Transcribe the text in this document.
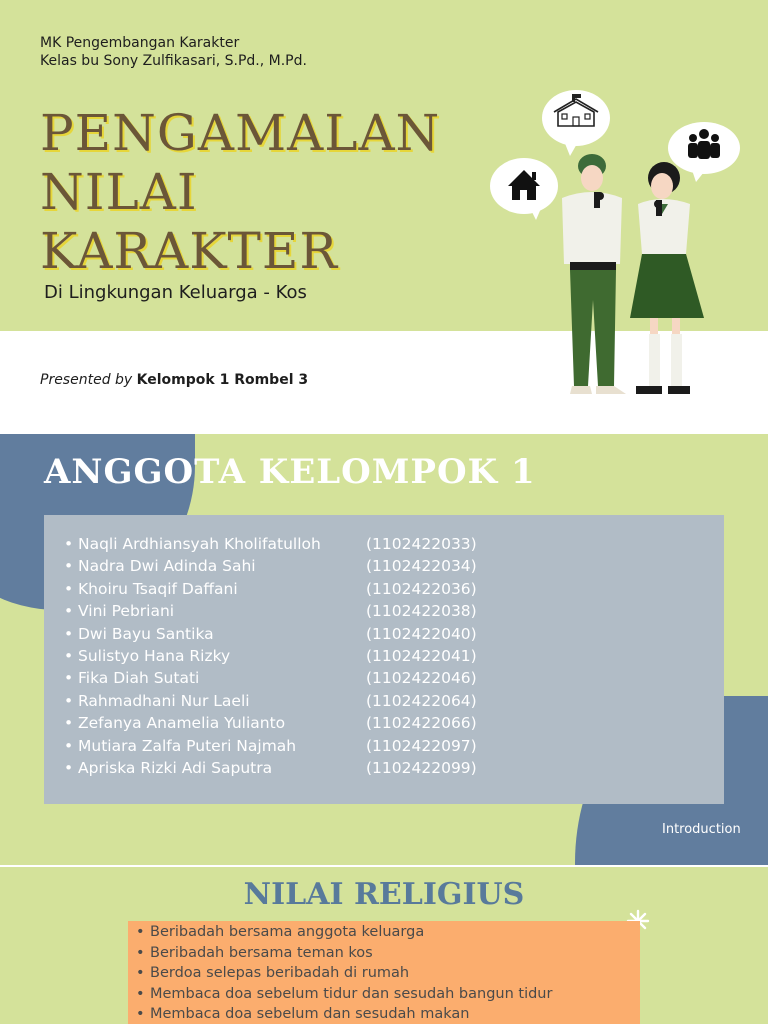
MK Pengembangan Karakter
Kelas bu Sony Zulfikasari, S.Pd., M.Pd.
PENGAMALAN
NILAI
KARAKTER
Di Lingkungan Keluarga - Kos
Presented by Kelompok 1 Rombel 3
ANGGOTA KELOMPOK 1
• Naqli Ardhiansyah Kholifatulloh	(1102422033)
• Nadra Dwi Adinda Sahi	(1102422034)
• Khoiru Tsaqif Daffani	(1102422036)
• Vini Pebriani	(1102422038)
• Dwi Bayu Santika	(1102422040)
• Sulistyo Hana Rizky	(1102422041)
• Fika Diah Sutati	(1102422046)
• Rahmadhani Nur Laeli	(1102422064)
• Zefanya Anamelia Yulianto	(1102422066)
• Mutiara Zalfa Puteri Najmah	(1102422097)
• Apriska Rizki Adi Saputra	(1102422099)
Introduction
NILAI RELIGIUS
• Beribadah bersama anggota keluarga
• Beribadah bersama teman kos
• Berdoa selepas beribadah di rumah
• Membaca doa sebelum tidur dan sesudah bangun tidur
• Membaca doa sebelum dan sesudah makan
